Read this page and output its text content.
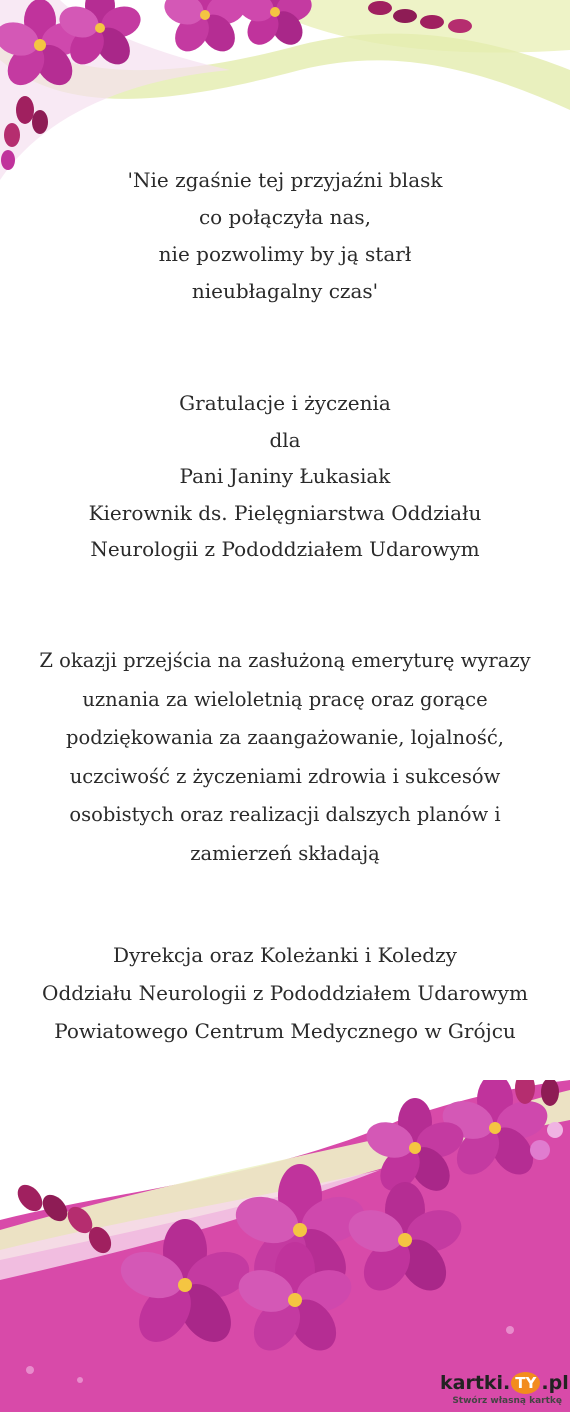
'Nie zgaśnie tej przyjaźni blask
co połączyła nas,
nie pozwolimy by ją starł
nieubłagalny czas'
Gratulacje i życzenia
dla
Pani Janiny Łukasiak
Kierownik ds. Pielęgniarstwa Oddziału
Neurologii z Pododdziałem Udarowym
Z okazji przejścia na zasłużoną emeryturę wyrazy
uznania za wieloletnią pracę oraz gorące
podziękowania za zaangażowanie, lojalność,
uczciwość z życzeniami zdrowia i sukcesów
osobistych oraz realizacji dalszych planów i
zamierzeń składają
Dyrekcja oraz Koleżanki i Koledzy
Oddziału Neurologii z Pododdziałem Udarowym
Powiatowego Centrum Medycznego w Grójcu
kartki. TY .pl
Stwórz własną kartkę
